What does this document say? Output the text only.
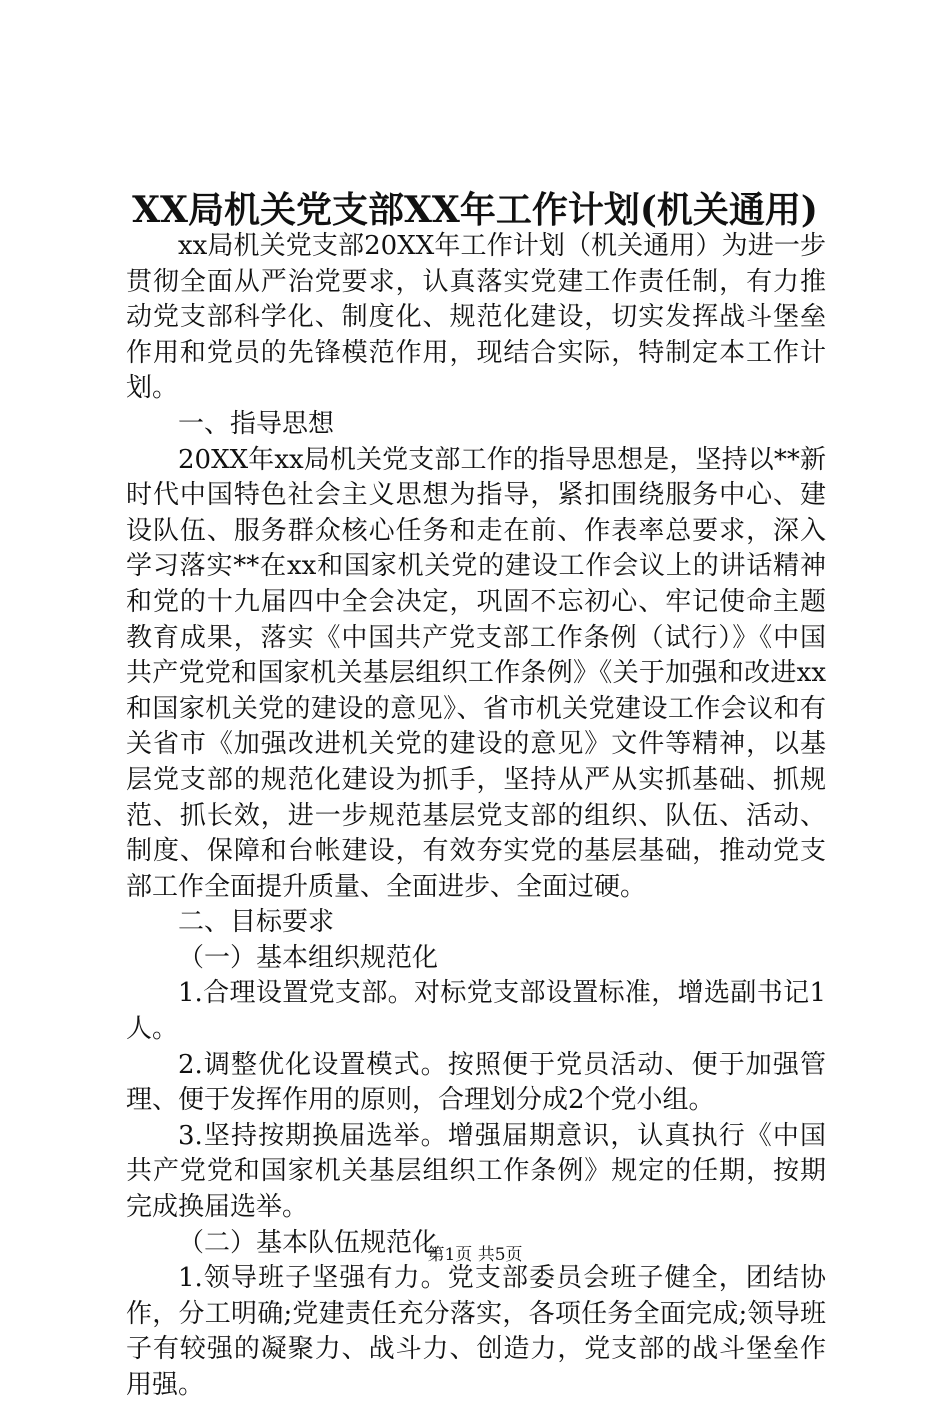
XX局机关党支部XX年工作计划(机关通用)

xx局机关党支部20XX年工作计划（机关通用）为进一步贯彻全面从严治党要求，认真落实党建工作责任制，有力推动党支部科学化、制度化、规范化建设，切实发挥战斗堡垒作用和党员的先锋模范作用，现结合实际，特制定本工作计划。

一、指导思想

20XX年xx局机关党支部工作的指导思想是，坚持以**新时代中国特色社会主义思想为指导，紧扣围绕服务中心、建设队伍、服务群众核心任务和走在前、作表率总要求，深入学习落实**在xx和国家机关党的建设工作会议上的讲话精神和党的十九届四中全会决定，巩固不忘初心、牢记使命主题教育成果，落实《中国共产党支部工作条例（试行）》《中国共产党党和国家机关基层组织工作条例》《关于加强和改进xx和国家机关党的建设的意见》、省市机关党建设工作会议和有关省市《加强改进机关党的建设的意见》文件等精神，以基层党支部的规范化建设为抓手，坚持从严从实抓基础、抓规范、抓长效，进一步规范基层党支部的组织、队伍、活动、制度、保障和台帐建设，有效夯实党的基层基础，推动党支部工作全面提升质量、全面进步、全面过硬。

二、目标要求

（一）基本组织规范化

1.合理设置党支部。对标党支部设置标准，增选副书记1人。

2.调整优化设置模式。按照便于党员活动、便于加强管理、便于发挥作用的原则，合理划分成2个党小组。

3.坚持按期换届选举。增强届期意识，认真执行《中国共产党党和国家机关基层组织工作条例》规定的任期，按期完成换届选举。

（二）基本队伍规范化

1.领导班子坚强有力。党支部委员会班子健全，团结协作，分工明确;党建责任充分落实，各项任务全面完成;领导班子有较强的凝聚力、战斗力、创造力，党支部的战斗堡垒作用强。

第1页 共5页
